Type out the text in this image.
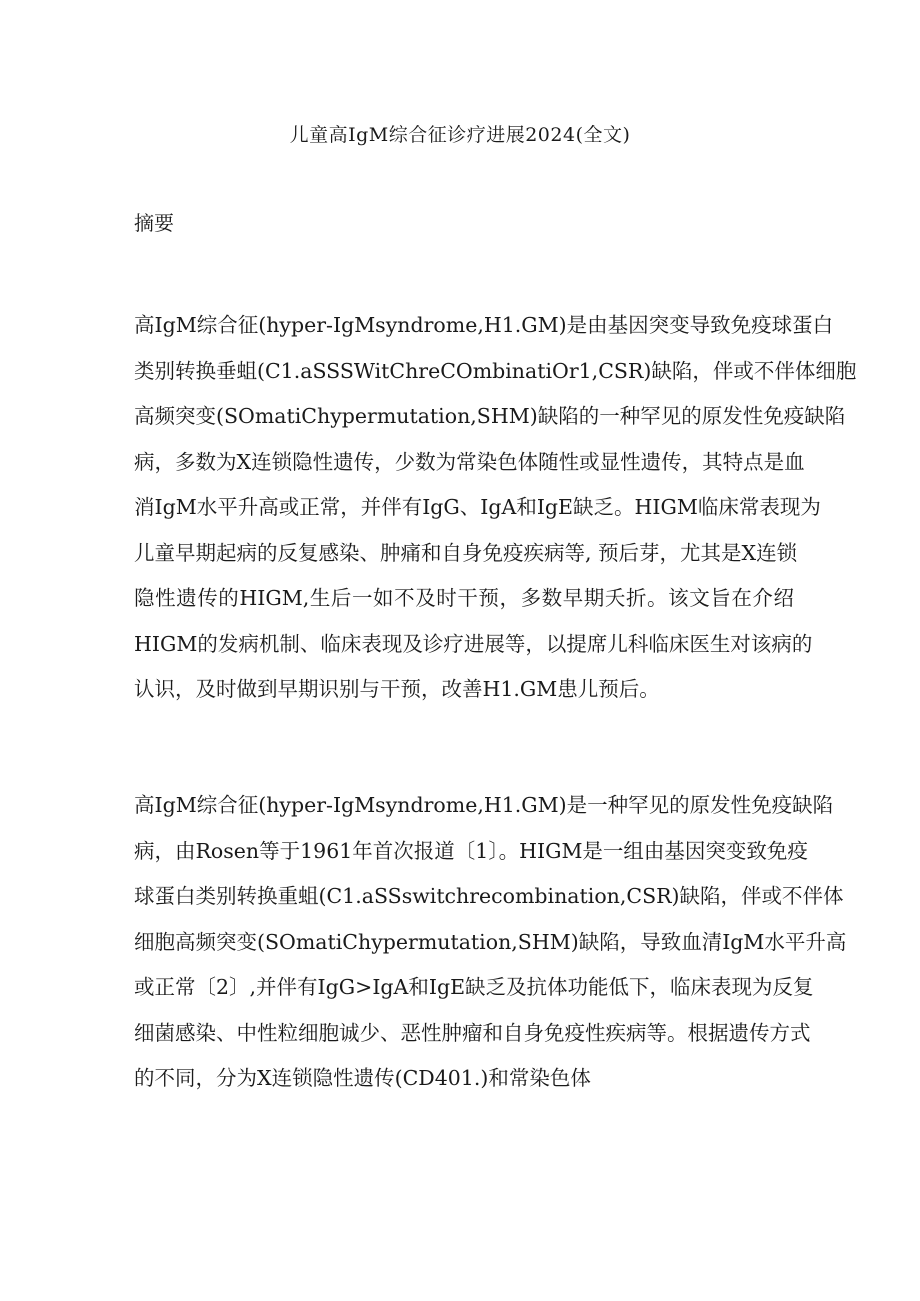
儿童高IgM综合征诊疗进展2024(全文)
摘要
高IgM综合征(hyper-IgMsyndrome,H1.GM)是由基因突变导致免疫球蛋白
类别转换垂蛆(C1.aSSSWitChreCOmbinatiOr1,CSR)缺陷，伴或不伴体细胞
高频突变(SOmatiChypermutation,SHM)缺陷的一种罕见的原发性免疫缺陷
病，多数为X连锁隐性遗传，少数为常染色体随性或显性遗传，其特点是血
消IgM水平升高或正常，并伴有IgG、IgA和IgE缺乏。HIGM临床常表现为
儿童早期起病的反复感染、肿痛和自身免疫疾病等, 预后芽，尤其是X连锁
隐性遗传的HIGM,生后一如不及时干预，多数早期夭折。该文旨在介绍
HIGM的发病机制、临床表现及诊疗进展等，以提席儿科临床医生对该病的
认识，及时做到早期识别与干预，改善H1.GM患儿预后。
高IgM综合征(hyper-IgMsyndrome,H1.GM)是一种罕见的原发性免疫缺陷
病，由Rosen等于1961年首次报道〔1〕。HIGM是一组由基因突变致免疫
球蛋白类别转换重蛆(C1.aSSswitchrecombination,CSR)缺陷，伴或不伴体
细胞高频突变(SOmatiChypermutation,SHM)缺陷，导致血清IgM水平升高
或正常〔2〕,并伴有IgG>IgA和IgE缺乏及抗体功能低下，临床表现为反复
细菌感染、中性粒细胞诚少、恶性肿瘤和自身免疫性疾病等。根据遗传方式
的不同，分为X连锁隐性遗传(CD401.)和常染色体
